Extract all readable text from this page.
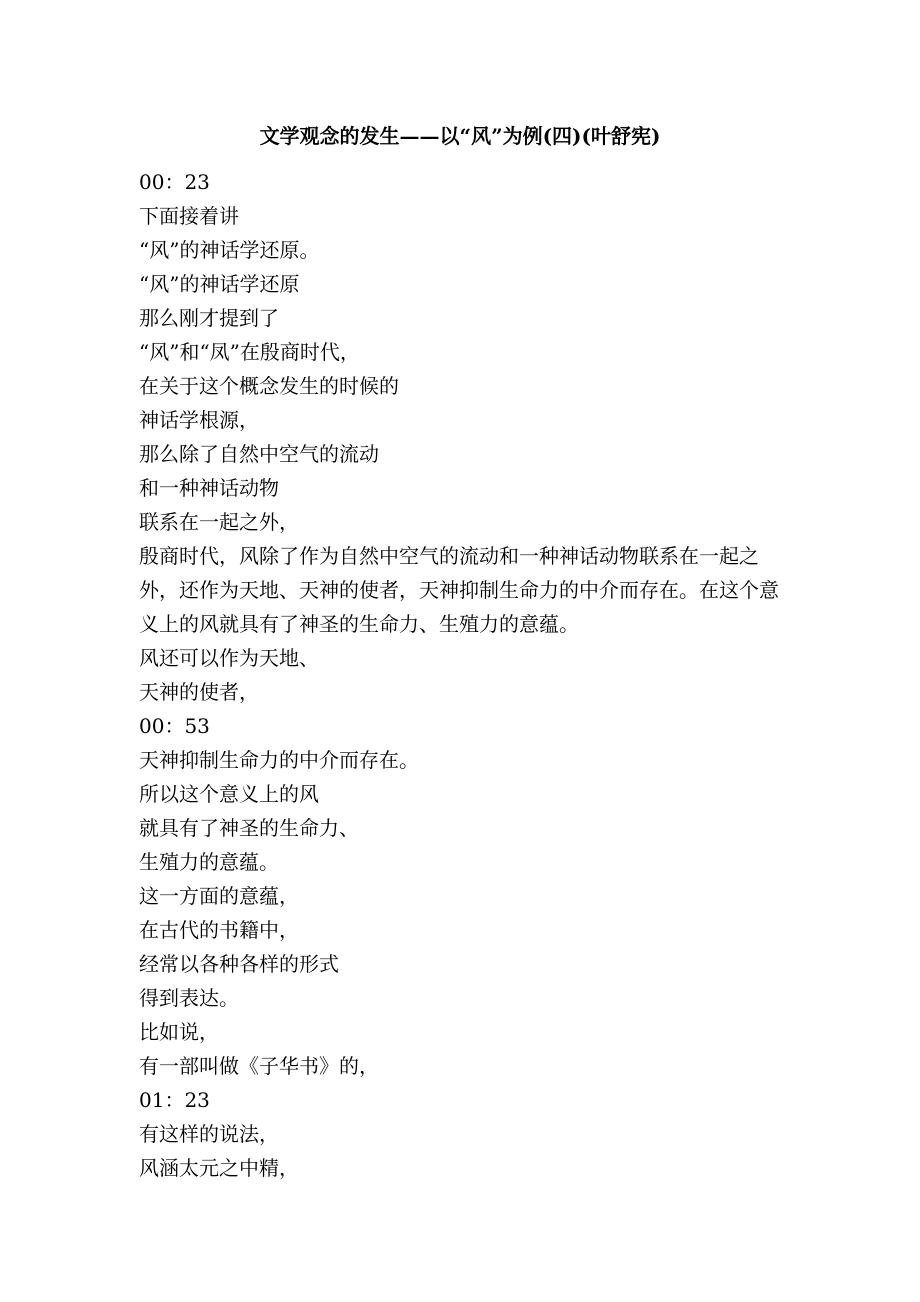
文学观念的发生——以“风”为例(四)(叶舒宪)
00：23
下面接着讲
“风”的神话学还原。
“风”的神话学还原
那么刚才提到了
“风”和“凤”在殷商时代，
在关于这个概念发生的时候的
神话学根源，
那么除了自然中空气的流动
和一种神话动物
联系在一起之外，
殷商时代，风除了作为自然中空气的流动和一种神话动物联系在一起之外，还作为天地、天神的使者，天神抑制生命力的中介而存在。在这个意义上的风就具有了神圣的生命力、生殖力的意蕴。
风还可以作为天地、
天神的使者，
00：53
天神抑制生命力的中介而存在。
所以这个意义上的风
就具有了神圣的生命力、
生殖力的意蕴。
这一方面的意蕴，
在古代的书籍中，
经常以各种各样的形式
得到表达。
比如说，
有一部叫做《子华书》的，
01：23
有这样的说法，
风涵太元之中精，
